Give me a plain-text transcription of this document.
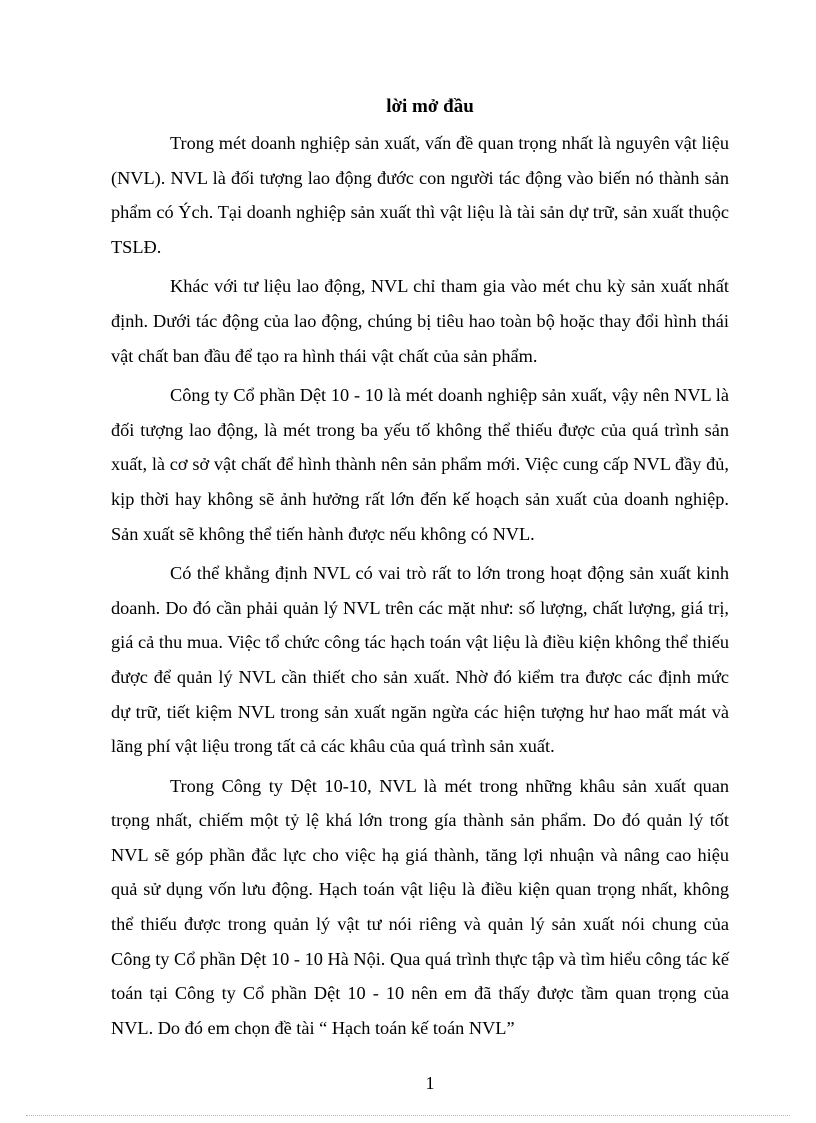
lời mở đầu

Trong mét doanh nghiệp sản xuất, vấn đề quan trọng nhất là nguyên vật liệu (NVL). NVL là đối tượng lao động đước con người tác động vào biến nó thành sản phẩm có Ých. Tại doanh nghiệp sản xuất thì vật liệu là tài sản dự trữ, sản xuất thuộc TSLĐ.

Khác với tư liệu lao động, NVL chỉ tham gia vào mét chu kỳ sản xuất nhất định. Dưới tác động của lao động, chúng bị tiêu hao toàn bộ hoặc thay đổi hình thái vật chất ban đầu để tạo ra hình thái vật chất của sản phẩm.

Công ty Cổ phần Dệt 10 - 10 là mét doanh nghiệp sản xuất, vậy nên NVL là đối tượng lao động, là mét trong ba yếu tố không thể thiếu được của quá trình sản xuất, là cơ sở vật chất để hình thành nên sản phẩm mới. Việc cung cấp NVL đầy đủ, kịp thời hay không sẽ ảnh hưởng rất lớn đến kế hoạch sản xuất của doanh nghiệp. Sản xuất sẽ không thể tiến hành được nếu không có NVL.

Có thể khẳng định NVL có vai trò rất to lớn trong hoạt động sản xuất kinh doanh. Do đó cần phải quản lý NVL trên các mặt như: số lượng, chất lượng, giá trị, giá cả thu mua. Việc tổ chức công tác hạch toán vật liệu là điều kiện không thể thiếu được để quản lý NVL cần thiết cho sản xuất. Nhờ đó kiểm tra được các định mức dự trữ, tiết kiệm NVL trong sản xuất ngăn ngừa các hiện tượng hư hao mất mát và lãng phí vật liệu trong tất cả các khâu của quá trình sản xuất.

Trong Công ty Dệt 10-10, NVL là mét trong những khâu sản xuất quan trọng nhất, chiếm một tỷ lệ khá lớn trong gía thành sản phẩm. Do đó quản lý tốt NVL sẽ góp phần đắc lực cho việc hạ giá thành, tăng lợi nhuận và nâng cao hiệu quả sử dụng vốn lưu động. Hạch toán vật liệu là điều kiện quan trọng nhất, không thể thiếu được trong quản lý vật tư nói riêng và quản lý sản xuất nói chung của Công ty Cổ phần Dệt 10 - 10 Hà Nội. Qua quá trình thực tập và tìm hiểu công tác kế toán tại Công ty Cổ phần Dệt 10 - 10 nên em đã thấy được tầm quan trọng của NVL. Do đó em chọn đề tài “ Hạch toán kế toán NVL”

1
